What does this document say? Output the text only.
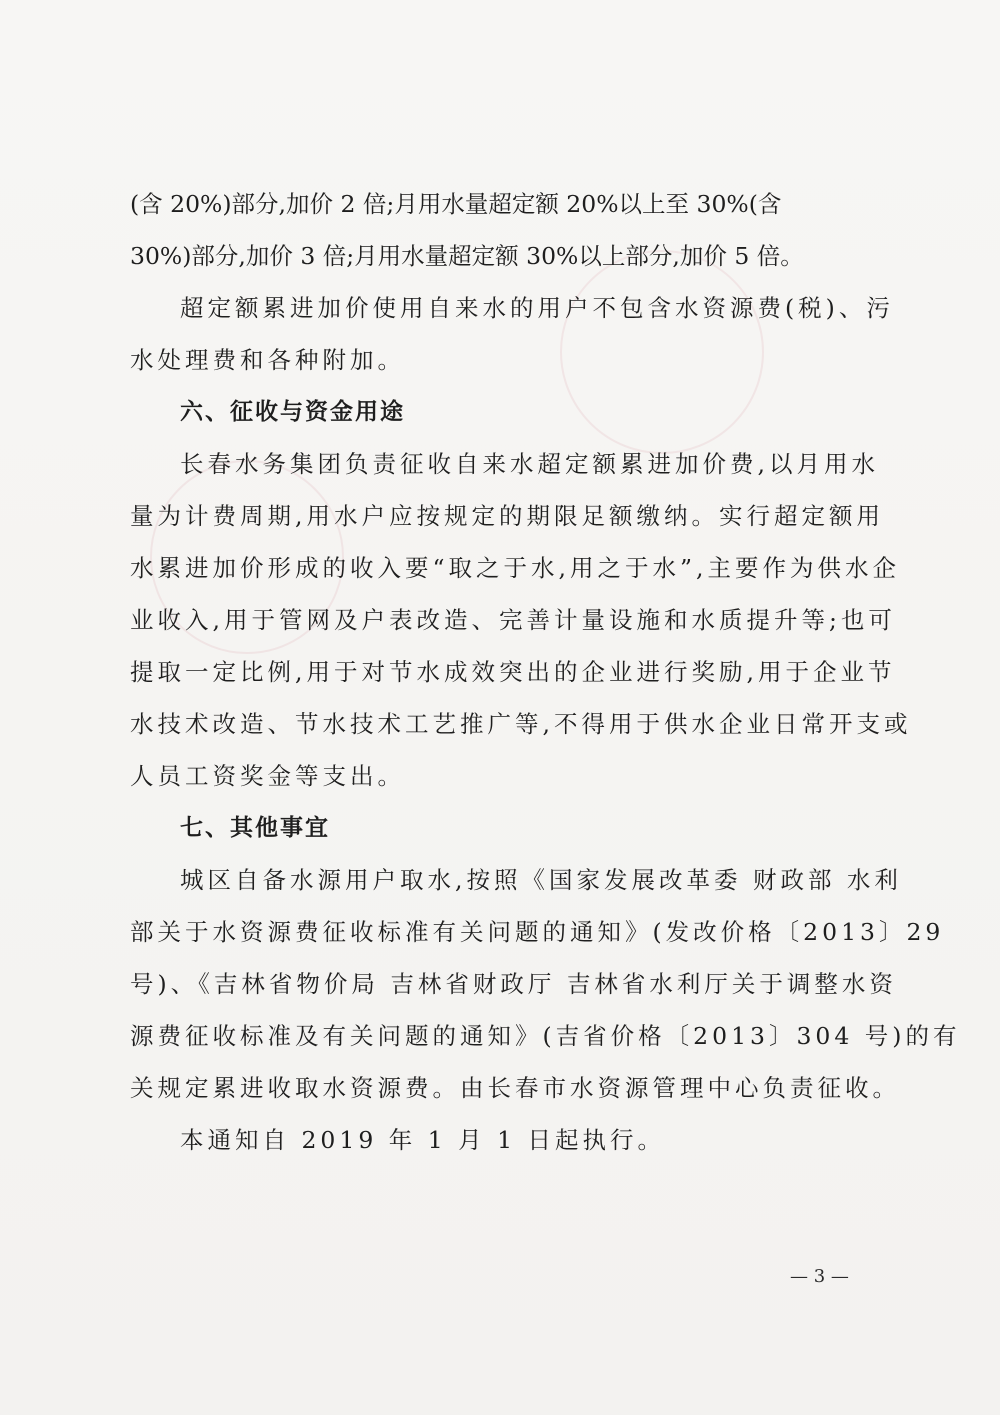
(含 20%)部分,加价 2 倍;月用水量超定额 20%以上至 30%(含
30%)部分,加价 3 倍;月用水量超定额 30%以上部分,加价 5 倍。
超定额累进加价使用自来水的用户不包含水资源费(税)、污
水处理费和各种附加。
六、征收与资金用途
长春水务集团负责征收自来水超定额累进加价费,以月用水
量为计费周期,用水户应按规定的期限足额缴纳。实行超定额用
水累进加价形成的收入要“取之于水,用之于水”,主要作为供水企
业收入,用于管网及户表改造、完善计量设施和水质提升等;也可
提取一定比例,用于对节水成效突出的企业进行奖励,用于企业节
水技术改造、节水技术工艺推广等,不得用于供水企业日常开支或
人员工资奖金等支出。
七、其他事宜
城区自备水源用户取水,按照《国家发展改革委 财政部 水利
部关于水资源费征收标准有关问题的通知》(发改价格〔2013〕29
号)、《吉林省物价局 吉林省财政厅 吉林省水利厅关于调整水资
源费征收标准及有关问题的通知》(吉省价格〔2013〕304 号)的有
关规定累进收取水资源费。由长春市水资源管理中心负责征收。
本通知自 2019 年 1 月 1 日起执行。
— 3 —
